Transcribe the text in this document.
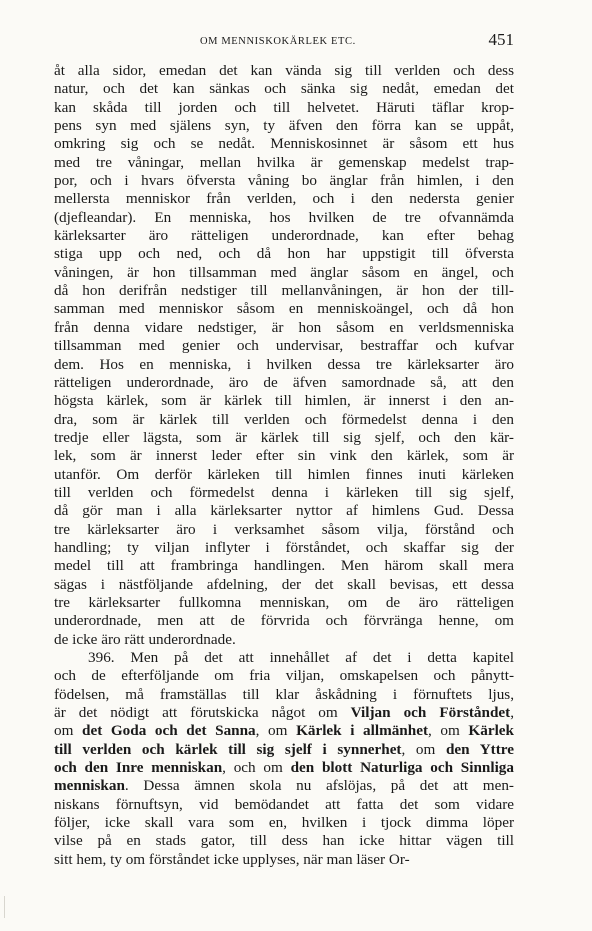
OM MENNISKOKÄRLEK ETC.	451
åt alla sidor, emedan det kan vända sig till verlden och dess
natur, och det kan sänkas och sänka sig nedåt, emedan det
kan skåda till jorden och till helvetet. Häruti täflar krop-
pens syn med själens syn, ty äfven den förra kan se uppåt,
omkring sig och se nedåt. Menniskosinnet är såsom ett hus
med tre våningar, mellan hvilka är gemenskap medelst trap-
por, och i hvars öfversta våning bo änglar från himlen, i den
mellersta menniskor från verlden, och i den nedersta genier
(djefleandar). En menniska, hos hvilken de tre ofvannämda
kärleksarter äro rätteligen underordnade, kan efter behag
stiga upp och ned, och då hon har uppstigit till öfversta
våningen, är hon tillsamman med änglar såsom en ängel, och
då hon derifrån nedstiger till mellanvåningen, är hon der till-
samman med menniskor såsom en menniskoängel, och då hon
från denna vidare nedstiger, är hon såsom en verldsmenniska
tillsamman med genier och undervisar, bestraffar och kufvar
dem. Hos en menniska, i hvilken dessa tre kärleksarter äro
rätteligen underordnade, äro de äfven samordnade så, att den
högsta kärlek, som är kärlek till himlen, är innerst i den an-
dra, som är kärlek till verlden och förmedelst denna i den
tredje eller lägsta, som är kärlek till sig sjelf, och den kär-
lek, som är innerst leder efter sin vink den kärlek, som är
utanför. Om derför kärleken till himlen finnes inuti kärleken
till verlden och förmedelst denna i kärleken till sig sjelf,
då gör man i alla kärleksarter nyttor af himlens Gud. Dessa
tre kärleksarter äro i verksamhet såsom vilja, förstånd och
handling; ty viljan inflyter i förståndet, och skaffar sig der
medel till att frambringa handlingen. Men härom skall mera
sägas i nästföljande afdelning, der det skall bevisas, ett dessa
tre kärleksarter fullkomna menniskan, om de äro rätteligen
underordnade, men att de förvrida och förvränga henne, om
de icke äro rätt underordnade.
396. Men på det att innehållet af det i detta kapitel
och de efterföljande om fria viljan, omskapelsen och pånytt-
födelsen, må framställas till klar åskådning i förnuftets ljus,
är det nödigt att förutskicka något om Viljan och Förståndet,
om det Goda och det Sanna, om Kärlek i allmänhet, om Kärlek
till verlden och kärlek till sig sjelf i synnerhet, om den Yttre
och den Inre menniskan, och om den blott Naturliga och Sinnliga
menniskan. Dessa ämnen skola nu afslöjas, på det att men-
niskans förnuftsyn, vid bemödandet att fatta det som vidare
följer, icke skall vara som en, hvilken i tjock dimma löper
vilse på en stads gator, till dess han icke hittar vägen till
sitt hem, ty om förståndet icke upplyses, när man läser Or-
